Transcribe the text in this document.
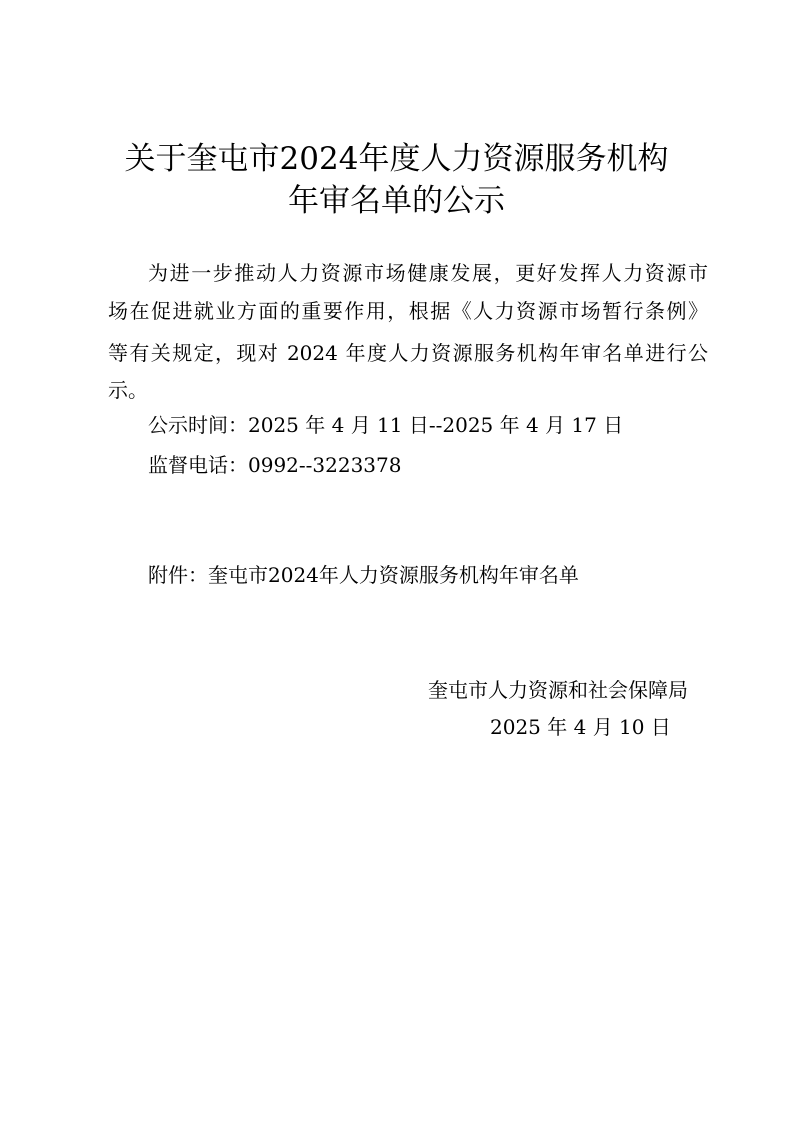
关于奎屯市2024年度人力资源服务机构
年审名单的公示
为进一步推动人力资源市场健康发展，更好发挥人力资源市
场在促进就业方面的重要作用，根据《人力资源市场暂行条例》
等有关规定，现对 2024 年度人力资源服务机构年审名单进行公
示。
公示时间：2025 年 4 月 11 日--2025 年 4 月 17 日
监督电话：0992--3223378
附件：奎屯市2024年人力资源服务机构年审名单
奎屯市人力资源和社会保障局
2025 年 4 月 10 日
